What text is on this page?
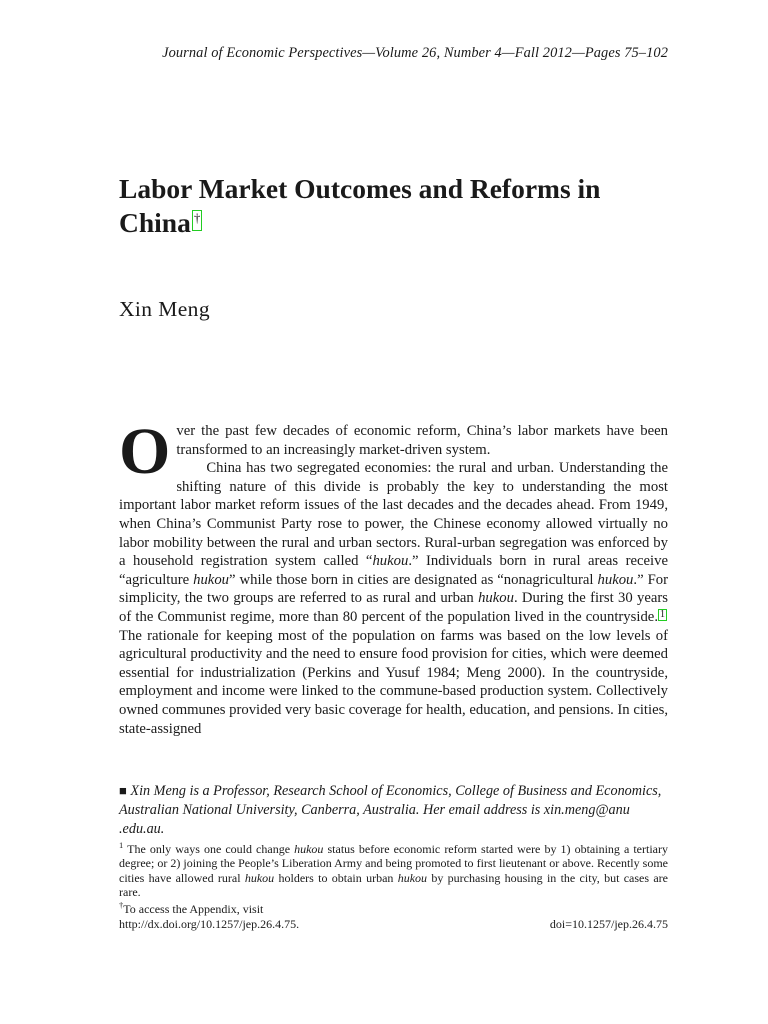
Journal of Economic Perspectives—Volume 26, Number 4—Fall 2012—Pages 75–102
Labor Market Outcomes and Reforms in China †
Xin Meng

Over the past few decades of economic reform, China’s labor markets have been transformed to an increasingly market-driven system.
China has two segregated economies: the rural and urban. Understanding the shifting nature of this divide is probably the key to understanding the most important labor market reform issues of the last decades and the decades ahead. From 1949, when China’s Communist Party rose to power, the Chinese economy allowed virtually no labor mobility between the rural and urban sectors. Rural-urban segregation was enforced by a household registration system called “hukou.” Individuals born in rural areas receive “agriculture hukou” while those born in cities are designated as “nonagricultural hukou.” For simplicity, the two groups are referred to as rural and urban hukou. During the first 30 years of the Communist regime, more than 80 percent of the population lived in the countryside. 1 The rationale for keeping most of the population on farms was based on the low levels of agricultural productivity and the need to ensure food provision for cities, which were deemed essential for industrialization (Perkins and Yusuf 1984; Meng 2000). In the countryside, employment and income were linked to the commune-based production system. Collectively owned communes provided very basic coverage for health, education, and pensions. In cities, state-assigned

■ Xin Meng is a Professor, Research School of Economics, College of Business and Economics, Australian National University, Canberra, Australia. Her email address is xin.meng@anu .edu.au.

$^1$ The only ways one could change hukou status before economic reform started were by 1) obtaining a tertiary degree; or 2) joining the People’s Liberation Army and being promoted to first lieutenant or above. Recently some cities have allowed rural hukou holders to obtain urban hukou by purchasing housing in the city, but cases are rare.

†To access the Appendix, visit

http://dx.doi.org/10.1257/jep.26.4.75.	doi=10.1257/jep.26.4.75
